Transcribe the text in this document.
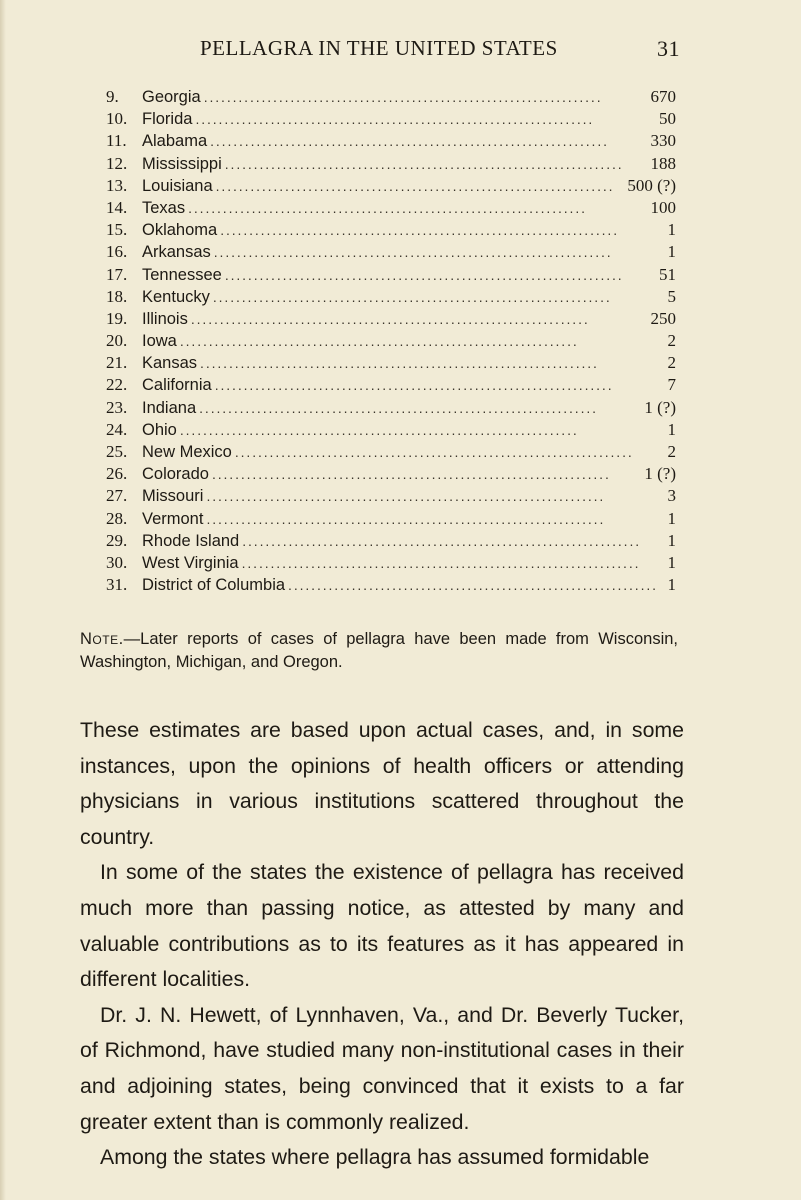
PELLAGRA IN THE UNITED STATES	31
9.	Georgia . . .	670
10. Florida . . .	50
11. Alabama . . .	330
12. Mississippi . . .	188
13. Louisiana . . .	500 (?)
14. Texas . . .	100
15. Oklahoma . . .	1
16. Arkansas . . .	1
17. Tennessee . . .	51
18. Kentucky . . .	5
19. Illinois . . .	250
20. Iowa . . .	2
21. Kansas . . .	2
22. California . . .	7
23. Indiana . . .	1 (?)
24. Ohio . . .	1
25. New Mexico . . .	2
26. Colorado . . .	1 (?)
27. Missouri . . .	3
28. Vermont . . .	1
29. Rhode Island . . .	1
30. West Virginia . . .	1
31. District of Columbia . . .	1

Note.—Later reports of cases of pellagra have been made from Wisconsin, Washington, Michigan, and Oregon.

These estimates are based upon actual cases, and, in some instances, upon the opinions of health officers or attending physicians in various institutions scattered throughout the country.

In some of the states the existence of pellagra has received much more than passing notice, as attested by many and valuable contributions as to its features as it has appeared in different localities.

Dr. J. N. Hewett, of Lynnhaven, Va., and Dr. Beverly Tucker, of Richmond, have studied many non-institutional cases in their and adjoining states, being convinced that it exists to a far greater extent than is commonly realized.

Among the states where pellagra has assumed formidable
